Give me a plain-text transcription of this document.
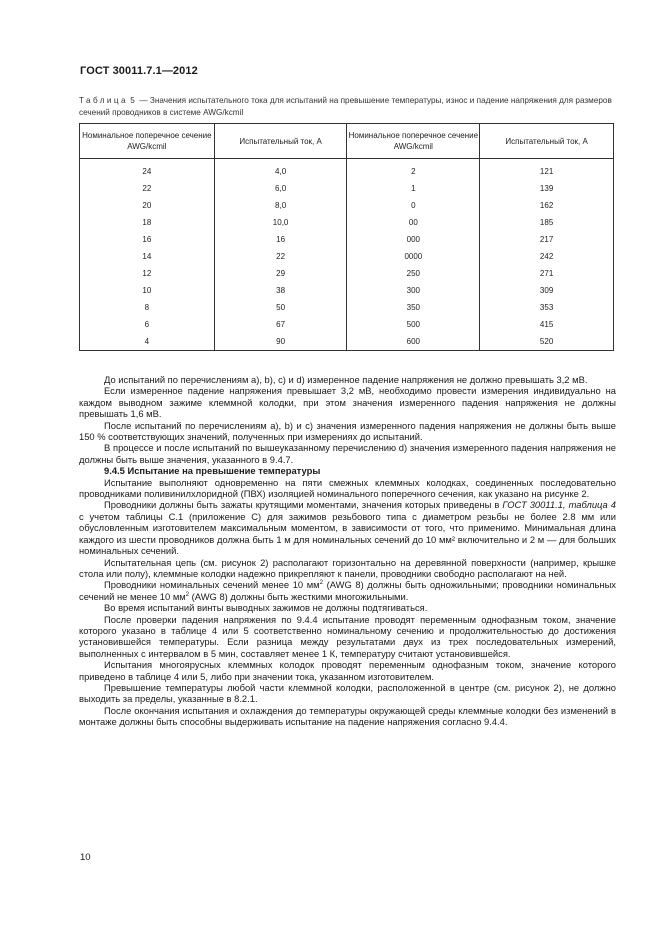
ГОСТ 30011.7.1—2012
Таблица 5 — Значения испытательного тока для испытаний на превышение температуры, износ и падение напряжения для размеров сечений проводников в системе AWG/kcmil
Номинальное поперечное сечение AWG/kcmil	Испытательный ток, А	Номинальное поперечное сечение AWG/kcmil	Испытательный ток, А

24	4,0	2	121
22	6,0	1	139
20	8,0	0	162
18	10,0	00	185
16	16	000	217
14	22	0000	242
12	29	250	271
10	38	300	309
8	50	350	353
6	67	500	415
4	90	600	520

До испытаний по перечислениям a), b), c) и d) измеренное падение напряжения не должно превышать 3,2 мВ.

Если измеренное падение напряжения превышает 3,2 мВ, необходимо провести измерения индивидуально на каждом выводном зажиме клеммной колодки, при этом значения измеренного падения напряжения не должны превышать 1,6 мВ.

После испытаний по перечислениям a), b) и c) значения измеренного падения напряжения не должны быть выше 150 % соответствующих значений, полученных при измерениях до испытаний.

В процессе и после испытаний по вышеуказанному перечислению d) значения измеренного падения напряжения не должны быть выше значения, указанного в 9.4.7.

9.4.5 Испытание на превышение температуры

Испытание выполняют одновременно на пяти смежных клеммных колодках, соединенных последовательно проводниками поливинилхлоридной (ПВХ) изоляцией номинального поперечного сечения, как указано на рисунке 2.

Проводники должны быть зажаты крутящими моментами, значения которых приведены в ГОСТ 30011.1, таблица 4 с учетом таблицы С.1 (приложение С) для зажимов резьбового типа с диаметром резьбы не более 2.8 мм или обусловленным изготовителем максимальным моментом, в зависимости от того, что применимо. Минимальная длина каждого из шести проводников должна быть 1 м для номинальных сечений до 10 мм² включительно и 2 м — для больших номинальных сечений.

Испытательная цепь (см. рисунок 2) располагают горизонтально на деревянной поверхности (например, крышке стола или полу), клеммные колодки надежно прикрепляют к панели, проводники свободно располагают на ней.

Проводники номинальных сечений менее 10 $мм^2$ (AWG 8) должны быть одножильными; проводники номинальных сечений не менее 10 $мм^2$ (AWG 8) должны быть жесткими многожильными.

Во время испытаний винты выводных зажимов не должны подтягиваться.

После проверки падения напряжения по 9.4.4 испытание проводят переменным однофазным током, значение которого указано в таблице 4 или 5 соответственно номинальному сечению и продолжительностью до достижения установившейся температуры. Если разница между результатами двух из трех последовательных измерений, выполненных с интервалом в 5 мин, составляет менее 1 К, температуру считают установившейся.

Испытания многоярусных клеммных колодок проводят переменным однофазным током, значение которого приведено в таблице 4 или 5, либо при значении тока, указанном изготовителем.

Превышение температуры любой части клеммной колодки, расположенной в центре (см. рисунок 2), не должно выходить за пределы, указанные в 8.2.1.

После окончания испытания и охлаждения до температуры окружающей среды клеммные колодки без изменений в монтаже должны быть способны выдерживать испытание на падение напряжения согласно 9.4.4.

10
